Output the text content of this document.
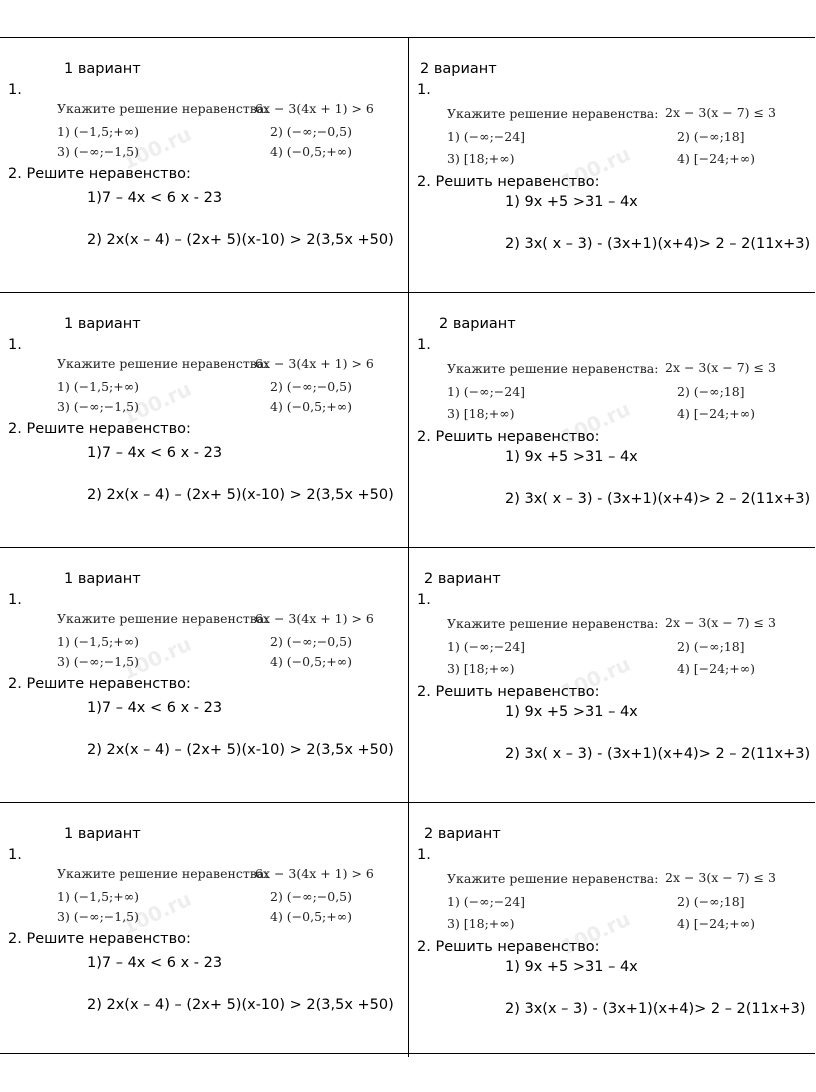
1 вариант
1.
Укажите решение неравенства:
6x − 3(4x + 1) > 6
1) (−1,5;+∞)	2) (−∞;−0,5)
3) (−∞;−1,5)	4) (−0,5;+∞)
100.ru
2. Решите неравенство:
1)7 – 4x < 6 x - 23
2) 2x(x – 4) – (2x+ 5)(x-10) > 2(3,5x +50)
2 вариант
1.
Укажите решение неравенства: 2x − 3(x − 7) ≤ 3
1) (−∞;−24]	2) (−∞;18]
3) [18;+∞)	4) [−24;+∞)
100.ru
2. Решить неравенство:
1) 9x +5 >31 – 4x
2) 3x( x – 3) - (3x+1)(x+4)> 2 – 2(11x+3)
1 вариант
1.
Укажите решение неравенства:
6x − 3(4x + 1) > 6
1) (−1,5;+∞)	2) (−∞;−0,5)
3) (−∞;−1,5)	4) (−0,5;+∞)
100.ru
2. Решите неравенство:
1)7 – 4x < 6 x - 23
2) 2x(x – 4) – (2x+ 5)(x-10) > 2(3,5x +50)
2 вариант
1.
Укажите решение неравенства: 2x − 3(x − 7) ≤ 3
1) (−∞;−24]	2) (−∞;18]
3) [18;+∞)	4) [−24;+∞)
100.ru
2. Решить неравенство:
1) 9x +5 >31 – 4x
2) 3x( x – 3) - (3x+1)(x+4)> 2 – 2(11x+3)
1 вариант
1.
Укажите решение неравенства:
6x − 3(4x + 1) > 6
1) (−1,5;+∞)	2) (−∞;−0,5)
3) (−∞;−1,5)	4) (−0,5;+∞)
100.ru
2. Решите неравенство:
1)7 – 4x < 6 x - 23
2) 2x(x – 4) – (2x+ 5)(x-10) > 2(3,5x +50)
2 вариант
1.
Укажите решение неравенства: 2x − 3(x − 7) ≤ 3
1) (−∞;−24]	2) (−∞;18]
3) [18;+∞)	4) [−24;+∞)
100.ru
2. Решить неравенство:
1) 9x +5 >31 – 4x
2) 3x( x – 3) - (3x+1)(x+4)> 2 – 2(11x+3)
1 вариант
1.
Укажите решение неравенства:
6x − 3(4x + 1) > 6
1) (−1,5;+∞)	2) (−∞;−0,5)
3) (−∞;−1,5)	4) (−0,5;+∞)
100.ru
2. Решите неравенство:
1)7 – 4x < 6 x - 23
2) 2x(x – 4) – (2x+ 5)(x-10) > 2(3,5x +50)
2 вариант
1.
Укажите решение неравенства: 2x − 3(x − 7) ≤ 3
1) (−∞;−24]	2) (−∞;18]
3) [18;+∞)	4) [−24;+∞)
100.ru
2. Решить неравенство:
1) 9x +5 >31 – 4x
2) 3x(x – 3) - (3x+1)(x+4)> 2 – 2(11x+3)
